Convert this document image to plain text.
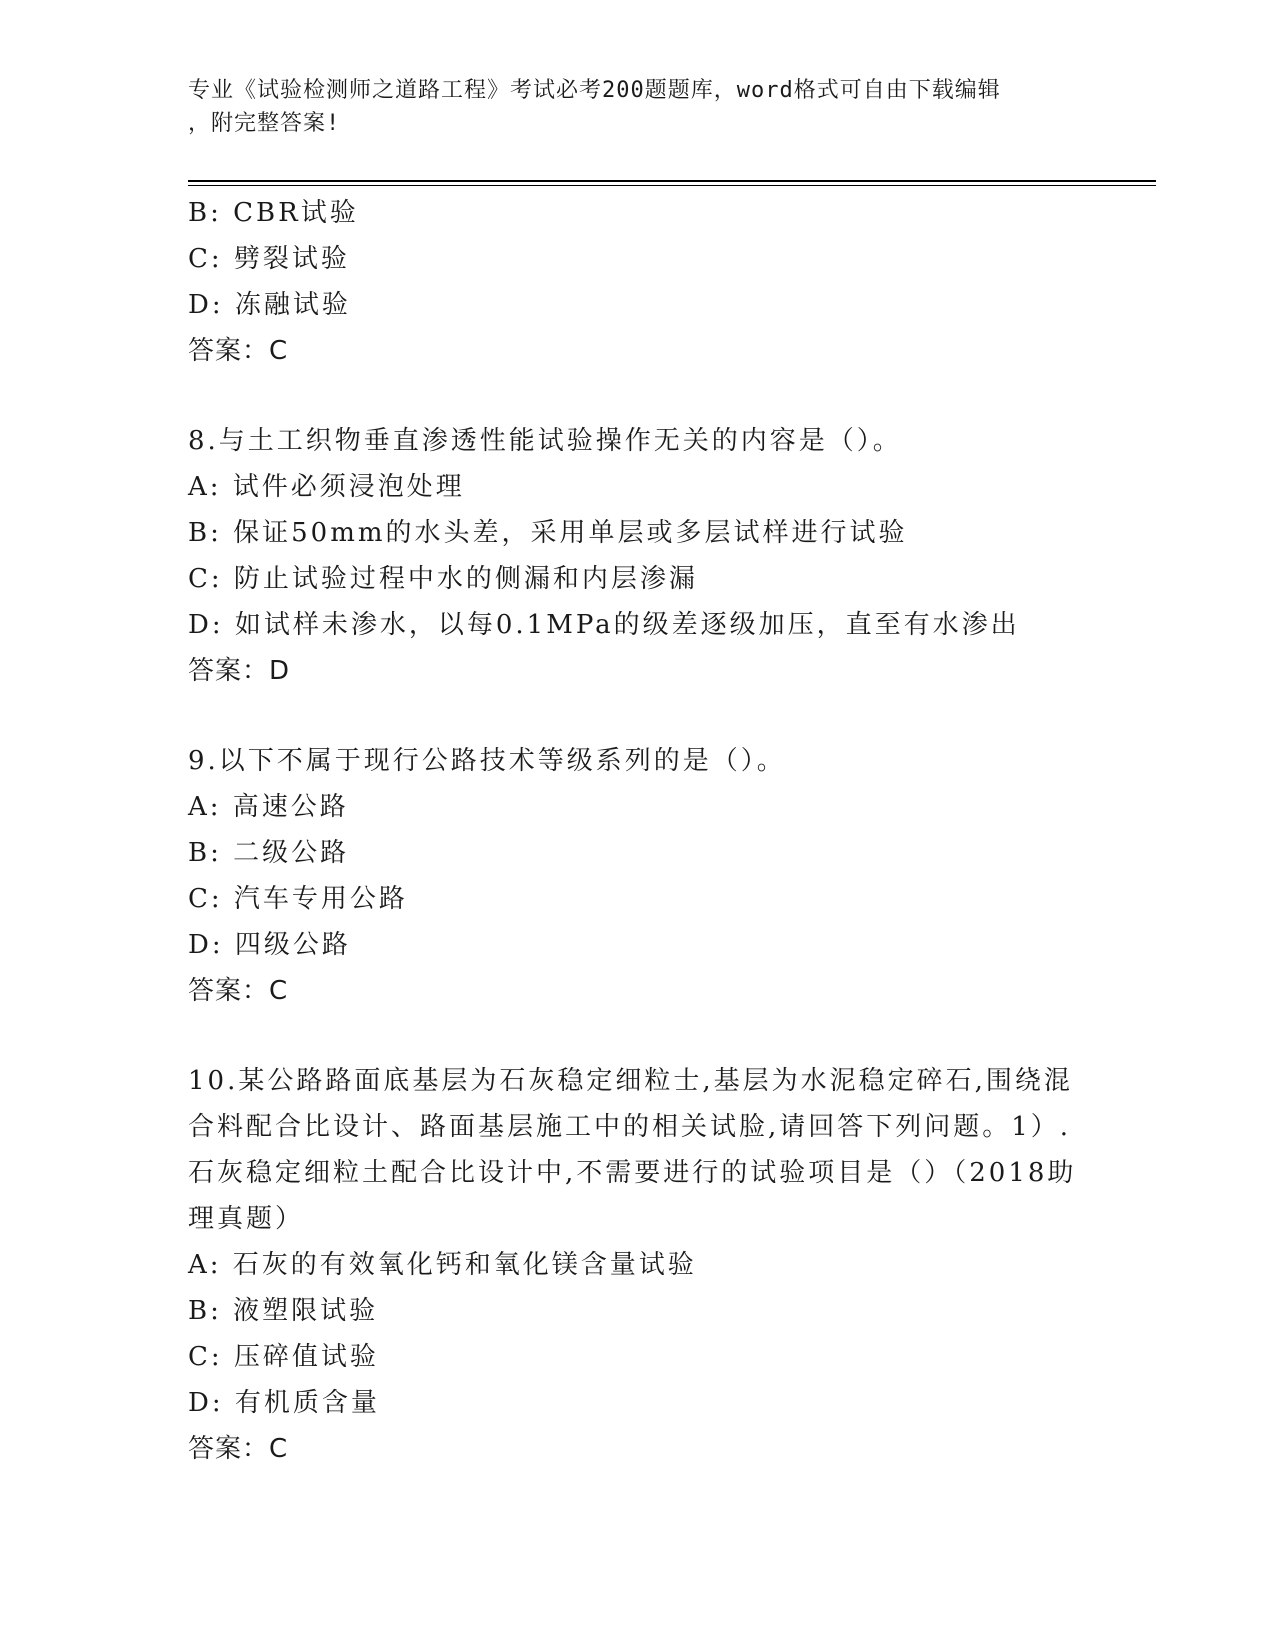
专业《试验检测师之道路工程》考试必考200题题库，word格式可自由下载编辑
，附完整答案!
B: CBR试验
C: 劈裂试验
D: 冻融试验
答案：C
8.与土工织物垂直渗透性能试验操作无关的内容是（）。
A: 试件必须浸泡处理
B: 保证50mm的水头差，采用单层或多层试样进行试验
C: 防止试验过程中水的侧漏和内层渗漏
D: 如试样未渗水，以每0.1MPa的级差逐级加压，直至有水渗出
答案：D
9.以下不属于现行公路技术等级系列的是（）。
A: 高速公路
B: 二级公路
C: 汽车专用公路
D: 四级公路
答案：C
10.某公路路面底基层为石灰稳定细粒士,基层为水泥稳定碎石,围绕混
合料配合比设计、路面基层施工中的相关试脸,请回答下列问题。1）.
石灰稳定细粒土配合比设计中,不需要进行的试验项目是（）（2018助
理真题）
A: 石灰的有效氧化钙和氧化镁含量试验
B: 液塑限试验
C: 压碎值试验
D: 有机质含量
答案：C
